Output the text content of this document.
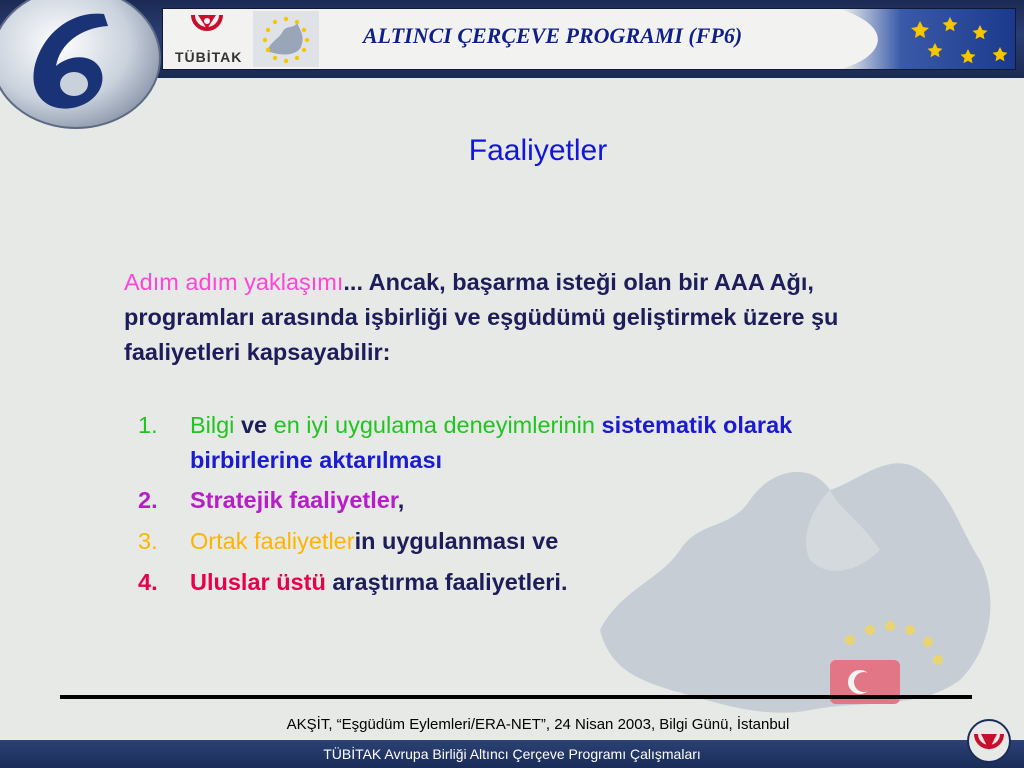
TÜBİTAK
ALTINCI ÇERÇEVE PROGRAMI (FP6)
Faaliyetler
Adım adım yaklaşımı... Ancak, başarma isteği olan bir AAA Ağı, programları arasında işbirliği ve eşgüdümü geliştirmek üzere şu faaliyetleri kapsayabilir:
1. Bilgi ve en iyi uygulama deneyimlerinin sistematik olarak birbirlerine aktarılması
2. Stratejik faaliyetler,
3. Ortak faaliyetlerin uygulanması ve
4. Uluslar üstü araştırma faaliyetleri.
AKŞİT, “Eşgüdüm Eylemleri/ERA-NET”, 24 Nisan 2003, Bilgi Günü, İstanbul
TÜBİTAK Avrupa Birliği Altıncı Çerçeve Programı Çalışmaları
